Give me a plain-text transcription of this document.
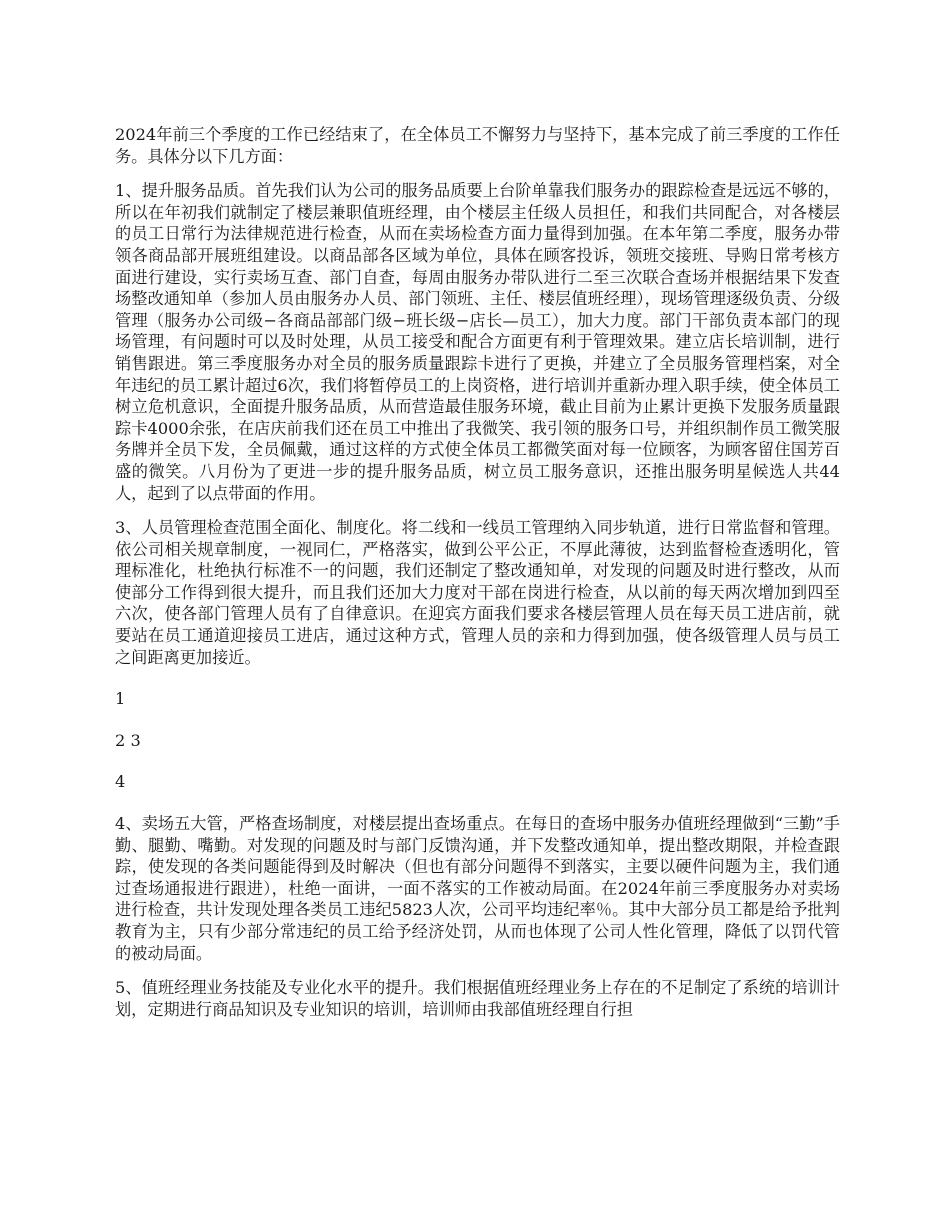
2024年前三个季度的工作已经结束了，在全体员工不懈努力与坚持下，基本完成了前三季度的工作任务。具体分以下几方面：

1、提升服务品质。首先我们认为公司的服务品质要上台阶单靠我们服务办的跟踪检查是远远不够的，所以在年初我们就制定了楼层兼职值班经理，由个楼层主任级人员担任，和我们共同配合，对各楼层的员工日常行为法律规范进行检查，从而在卖场检查方面力量得到加强。在本年第二季度，服务办带领各商品部开展班组建设。以商品部各区域为单位，具体在顾客投诉，领班交接班、导购日常考核方面进行建设，实行卖场互查、部门自查，每周由服务办带队进行二至三次联合查场并根据结果下发查场整改通知单（参加人员由服务办人员、部门领班、主任、楼层值班经理），现场管理逐级负责、分级管理（服务办公司级−各商品部部门级−班长级−店长—员工），加大力度。部门干部负责本部门的现场管理，有问题时可以及时处理，从员工接受和配合方面更有利于管理效果。建立店长培训制，进行销售跟进。第三季度服务办对全员的服务质量跟踪卡进行了更换，并建立了全员服务管理档案，对全年违纪的员工累计超过6次，我们将暂停员工的上岗资格，进行培训并重新办理入职手续，使全体员工树立危机意识，全面提升服务品质，从而营造最佳服务环境，截止目前为止累计更换下发服务质量跟踪卡4000余张，在店庆前我们还在员工中推出了我微笑、我引领的服务口号，并组织制作员工微笑服务牌并全员下发，全员佩戴，通过这样的方式使全体员工都微笑面对每一位顾客，为顾客留住国芳百盛的微笑。八月份为了更进一步的提升服务品质，树立员工服务意识，还推出服务明星候选人共44人，起到了以点带面的作用。

3、人员管理检查范围全面化、制度化。将二线和一线员工管理纳入同步轨道，进行日常监督和管理。依公司相关规章制度，一视同仁，严格落实，做到公平公正，不厚此薄彼，达到监督检查透明化，管理标准化，杜绝执行标准不一的问题，我们还制定了整改通知单，对发现的问题及时进行整改，从而使部分工作得到很大提升，而且我们还加大力度对干部在岗进行检查，从以前的每天两次增加到四至六次，使各部门管理人员有了自律意识。在迎宾方面我们要求各楼层管理人员在每天员工进店前，就要站在员工通道迎接员工进店，通过这种方式，管理人员的亲和力得到加强，使各级管理人员与员工之间距离更加接近。

1

2 3

4

4、卖场五大管，严格查场制度，对楼层提出查场重点。在每日的查场中服务办值班经理做到“三勤”手勤、腿勤、嘴勤。对发现的问题及时与部门反馈沟通，并下发整改通知单，提出整改期限，并检查跟踪，使发现的各类问题能得到及时解决（但也有部分问题得不到落实，主要以硬件问题为主，我们通过查场通报进行跟进），杜绝一面讲，一面不落实的工作被动局面。在2024年前三季度服务办对卖场进行检查，共计发现处理各类员工违纪5823人次，公司平均违纪率％。其中大部分员工都是给予批判教育为主，只有少部分常违纪的员工给予经济处罚，从而也体现了公司人性化管理，降低了以罚代管的被动局面。

5、值班经理业务技能及专业化水平的提升。我们根据值班经理业务上存在的不足制定了系统的培训计划，定期进行商品知识及专业知识的培训，培训师由我部值班经理自行担
